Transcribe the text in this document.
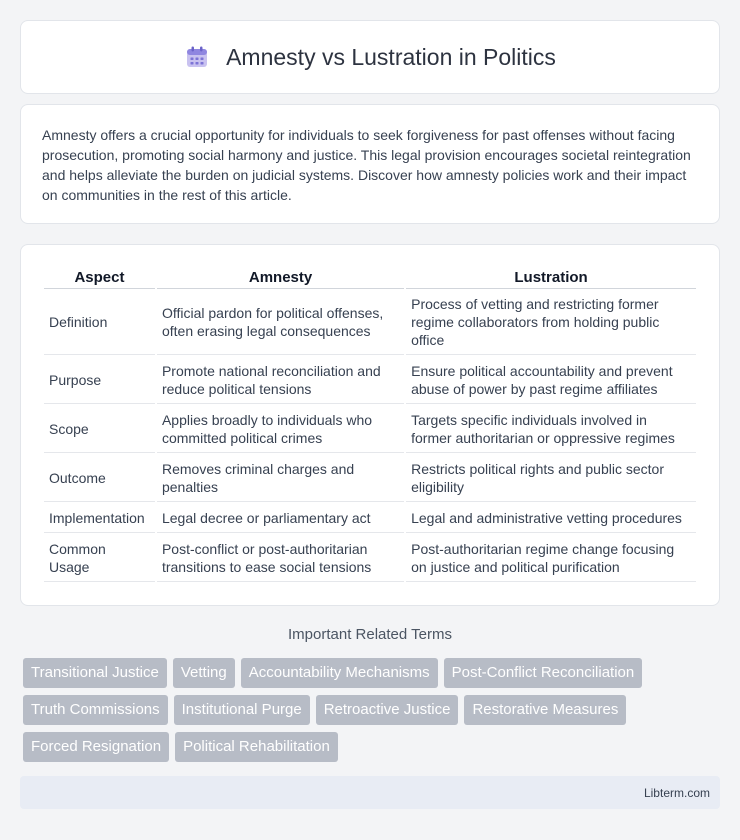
Amnesty vs Lustration in Politics

Amnesty offers a crucial opportunity for individuals to seek forgiveness for past offenses without facing prosecution, promoting social harmony and justice. This legal provision encourages societal reintegration and helps alleviate the burden on judicial systems. Discover how amnesty policies work and their impact on communities in the rest of this article.

Aspect	Amnesty	Lustration
Definition	Official pardon for political offenses, often erasing legal consequences	Process of vetting and restricting former regime collaborators from holding public office
Purpose	Promote national reconciliation and reduce political tensions	Ensure political accountability and prevent abuse of power by past regime affiliates
Scope	Applies broadly to individuals who committed political crimes	Targets specific individuals involved in former authoritarian or oppressive regimes
Outcome	Removes criminal charges and penalties	Restricts political rights and public sector eligibility
Implementation	Legal decree or parliamentary act	Legal and administrative vetting procedures
Common Usage	Post-conflict or post-authoritarian transitions to ease social tensions	Post-authoritarian regime change focusing on justice and political purification
Important Related Terms
Transitional Justice	Vetting	Accountability Mechanisms	Post-Conflict Reconciliation
Truth Commissions	Institutional Purge	Retroactive Justice	Restorative Measures
Forced Resignation	Political Rehabilitation
Libterm.com
